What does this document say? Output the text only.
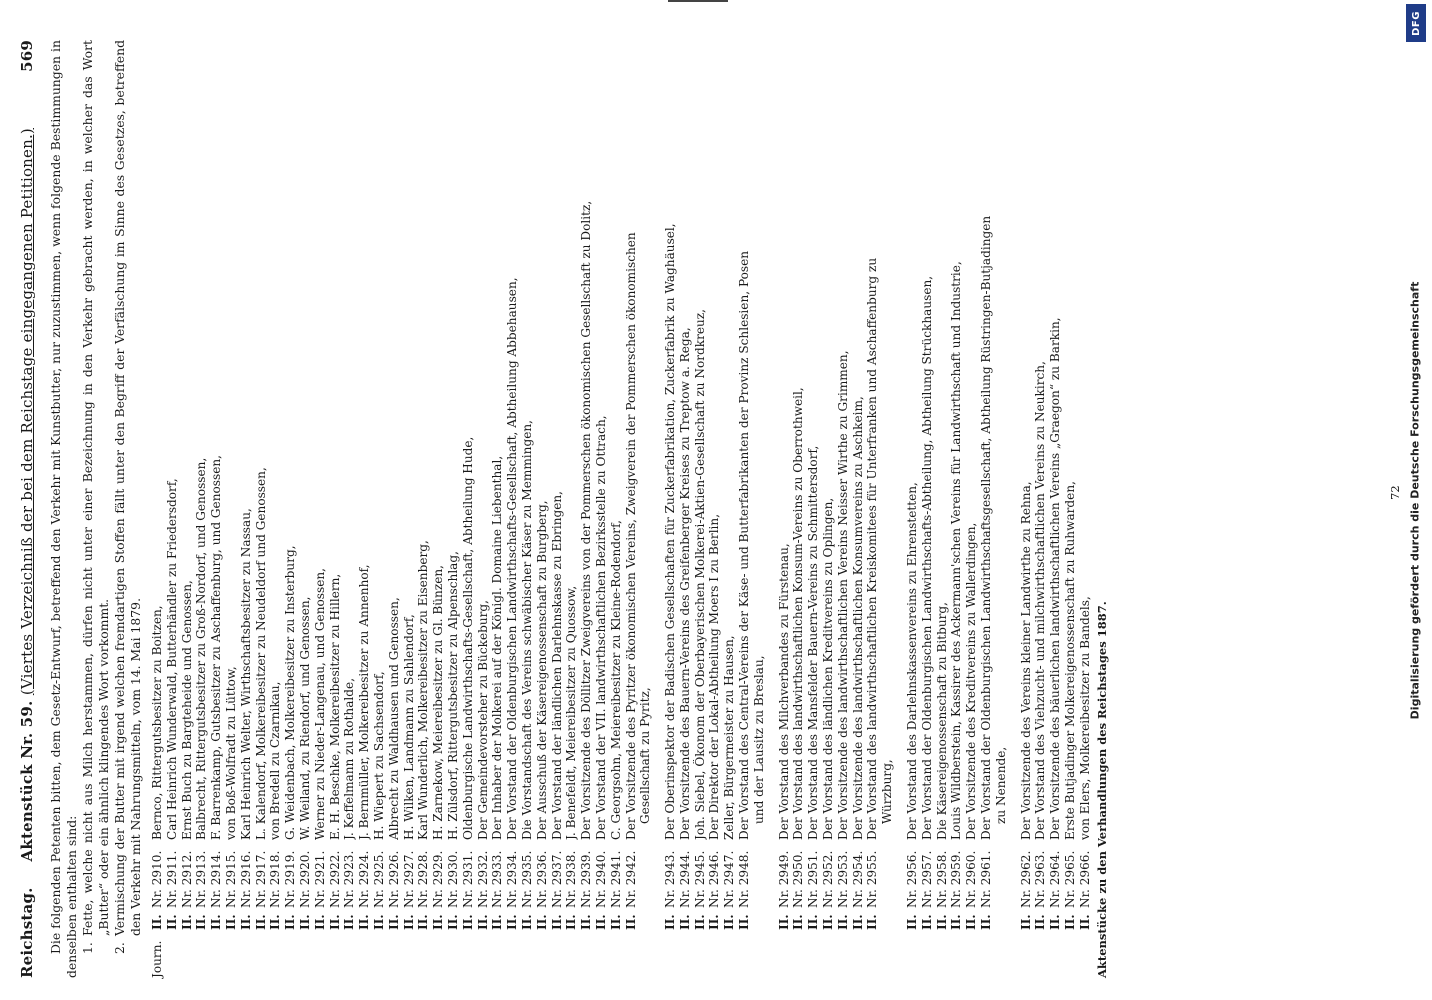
Reichstag.
Aktenstück Nr. 59. (Viertes Verzeichniß der bei dem Reichstage eingegangenen Petitionen.)
569 Die folgenden Petenten bitten, dem Gesetz-Entwurf, betreffend den Verkehr mit Kunstbutter, nur zuzustimmen, wenn folgende Bestimmungen in denselben enthalten sind: 1.
Fette, welche nicht aus Milch herstammen, dürfen nicht unter einer Bezeichnung in den Verkehr gebracht werden, in welcher das Wort „Butter“ oder ein ähnlich klingendes Wort vorkommt.
2.
Vermischung der Butter mit irgend welchen fremdartigen Stoffen fällt unter den Begriff der Verfälschung im Sinne des Gesetzes, betreffend den Verkehr mit Nahrungsmitteln, vom 14. Mai 1879.
Journ.
II.
Nr. 2910.
Bernco, Rittergutsbesitzer zu Boitzen,
II.
Nr. 2911.
Carl Heinrich Wunderwald, Butterhändler zu Friedersdorf,
II.
Nr. 2912.
Ernst Buch zu Bargteheide und Genossen,
II.
Nr. 2913.
Balbrecht, Rittergutsbesitzer zu Groß-Nordorf, und Genossen,
II.
Nr. 2914.
F. Barrenkamp, Gutsbesitzer zu Aschaffenburg, und Genossen,
II.
Nr. 2915.
von Boß-Wolfradt zu Lüttow,
II.
Nr. 2916.
Karl Heinrich Welter, Wirthschaftsbesitzer zu Nassau,
II.
Nr. 2917.
L. Kalendorf, Molkereibesitzer zu Neudeldorf und Genossen,
II.
Nr. 2918.
von Bredell zu Czarnikau,
II.
Nr. 2919.
G. Weidenbach, Molkereibesitzer zu Insterburg,
II.
Nr. 2920.
W. Weiland, zu Riendorf, und Genossen,
II.
Nr. 2921.
Werner zu Nieder-Langenau, und Genossen,
II.
Nr. 2922.
E. H. Beschke, Molkereibesitzer zu Hillern,
II.
Nr. 2923.
J. Keffelmann zu Rothalde,
II.
Nr. 2924.
J. Bernmüller, Molkereibesitzer zu Annenhof,
II.
Nr. 2925.
H. Wiepert zu Sachsendorf,
II.
Nr. 2926.
Albrecht zu Waldhausen und Genossen,
II.
Nr. 2927.
H. Wilken, Landmann zu Sahlendorf,
II.
Nr. 2928.
Karl Wunderlich, Molkereibesitzer zu Eisenberg,
II.
Nr. 2929.
H. Zarnekow, Meiereibesitzer zu Gl. Bünzen,
II.
Nr. 2930.
H. Zülsdorf, Rittergutsbesitzer zu Alpenschlag,
II.
Nr. 2931.
Oldenburgische Landwirthschafts-Gesellschaft, Abtheilung Hude,
II.
Nr. 2932.
Der Gemeindevorsteher zu Bückeburg,
II.
Nr. 2933.
Der Inhaber der Molkerei auf der Königl. Domaine Liebenthal,
II.
Nr. 2934.
Der Vorstand der Oldenburgischen Landwirthschafts-Gesellschaft, Abtheilung Abbehausen,
II.
Nr. 2935.
Die Vorstandschaft des Vereins schwäbischer Käser zu Memmingen,
II.
Nr. 2936.
Der Ausschuß der Käsereigenossenschaft zu Burgberg,
II.
Nr. 2937.
Der Vorstand der ländlichen Darlehnskasse zu Ebringen,
II.
Nr. 2938.
J. Benefeldt, Meiereibesitzer zu Quossow,
II.
Nr. 2939.
Der Vorsitzende des Döllitzer Zweigvereins von der Pommerschen ökonomischen Gesellschaft zu Dolitz,
II.
Nr. 2940.
Der Vorstand der VII. landwirthschaftlichen Bezirksstelle zu Ottrach,
II.
Nr. 2941.
C. Georgsohn, Meiereibesitzer zu Kleine-Rodendorf,
II.
Nr. 2942.
Der Vorsitzende des Pyritzer ökonomischen Vereins, Zweigverein der Pommerschen ökonomischen Gesellschaft zu Pyritz,
II.
Nr. 2943.
Der Oberinspektor der Badischen Gesellschaften für Zuckerfabrikation, Zuckerfabrik zu Waghäusel,
II.
Nr. 2944.
Der Vorsitzende des Bauern-Vereins des Greifenberger Kreises zu Treptow a. Rega,
II.
Nr. 2945.
Joh. Siebel, Ökonom der Oberbayerischen Molkerei-Aktien-Gesellschaft zu Nordkreuz,
II.
Nr. 2946.
Der Direktor der Lokal-Abtheilung Moers I zu Berlin,
II.
Nr. 2947.
Zeller, Bürgermeister zu Hausen,
II.
Nr. 2948.
Der Vorstand des Central-Vereins der Käse- und Butterfabrikanten der Provinz Schlesien, Posen und der Lausitz zu Breslau,
II.
Nr. 2949.
Der Vorstand des Milchverbandes zu Fürstenau,
II.
Nr. 2950.
Der Vorstand des landwirthschaftlichen Konsum-Vereins zu Oberrothweil,
II.
Nr. 2951.
Der Vorstand des Mansfelder Bauern-Vereins zu Schmittersdorf,
II.
Nr. 2952.
Der Vorstand des ländlichen Kreditvereins zu Oplingen,
II.
Nr. 2953.
Der Vorsitzende des landwirthschaftlichen Vereins Neisser Wirthe zu Grimmen,
II.
Nr. 2954.
Der Vorsitzende des landwirthschaftlichen Konsumvereins zu Aschkeim,
II.
Nr. 2955.
Der Vorstand des landwirthschaftlichen Kreiskomitees für Unterfranken und Aschaffenburg zu Würzburg,
II.
Nr. 2956.
Der Vorstand des Darlehnskassenvereins zu Ehrenstetten,
II.
Nr. 2957.
Der Vorstand der Oldenburgischen Landwirthschafts-Abtheilung, Abtheilung Strückhausen,
II.
Nr. 2958.
Die Käsereigenossenschaft zu Bitburg,
II.
Nr. 2959.
Louis Wildberstein, Kassirer des Ackermann'schen Vereins für Landwirthschaft und Industrie,
II.
Nr. 2960.
Der Vorsitzende des Kreditvereins zu Wallerdingen,
II.
Nr. 2961.
Der Vorstand der Oldenburgischen Landwirthschaftsgesellschaft, Abtheilung Rüstringen-Butjadingen zu Nenende,
II.
Nr. 2962.
Der Vorsitzende des Vereins kleiner Landwirthe zu Rehna,
II.
Nr. 2963.
Der Vorstand des Viehzucht- und milchwirthschaftlichen Vereins zu Neukirch,
II.
Nr. 2964.
Der Vorsitzende des bäuerlichen landwirthschaftlichen Vereins „Graegon“ zu Barkin,
II.
Nr. 2965.
Erste Butjadinger Molkereigenossenschaft zu Ruhwarden,
II.
Nr. 2966.
von Elers, Molkereibesitzer zu Bandels, Aktenstücke zu den Verhandlungen des Reichstages 1887.
72 Digitalisierung gefördert durch die Deutsche Forschungsgemeinschaft
DFG
